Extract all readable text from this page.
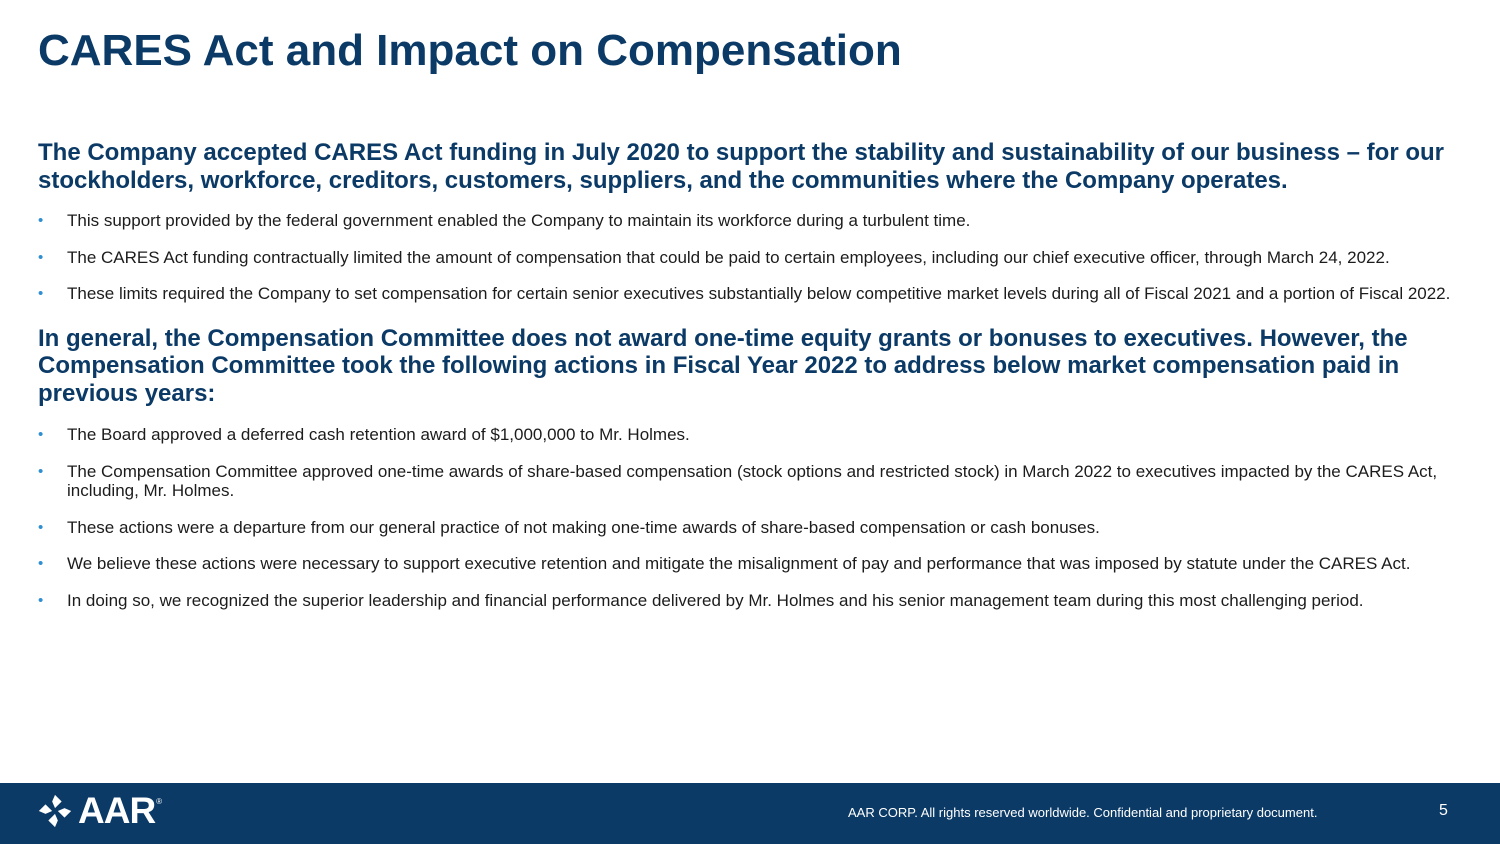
CARES Act and Impact on Compensation

The Company accepted CARES Act funding in July 2020 to support the stability and sustainability of our business – for our stockholders, workforce, creditors, customers, suppliers, and the communities where the Company operates.

• This support provided by the federal government enabled the Company to maintain its workforce during a turbulent time.
• The CARES Act funding contractually limited the amount of compensation that could be paid to certain employees, including our chief executive officer, through March 24, 2022.
• These limits required the Company to set compensation for certain senior executives substantially below competitive market levels during all of Fiscal 2021 and a portion of Fiscal 2022.

In general, the Compensation Committee does not award one-time equity grants or bonuses to executives. However, the Compensation Committee took the following actions in Fiscal Year 2022 to address below market compensation paid in previous years:

• The Board approved a deferred cash retention award of $1,000,000 to Mr. Holmes.
• The Compensation Committee approved one-time awards of share-based compensation (stock options and restricted stock) in March 2022 to executives impacted by the CARES Act, including, Mr. Holmes.
• These actions were a departure from our general practice of not making one-time awards of share-based compensation or cash bonuses.
• We believe these actions were necessary to support executive retention and mitigate the misalignment of pay and performance that was imposed by statute under the CARES Act.
• In doing so, we recognized the superior leadership and financial performance delivered by Mr. Holmes and his senior management team during this most challenging period.
AAR ®
AAR CORP. All rights reserved worldwide. Confidential and proprietary document.	5
